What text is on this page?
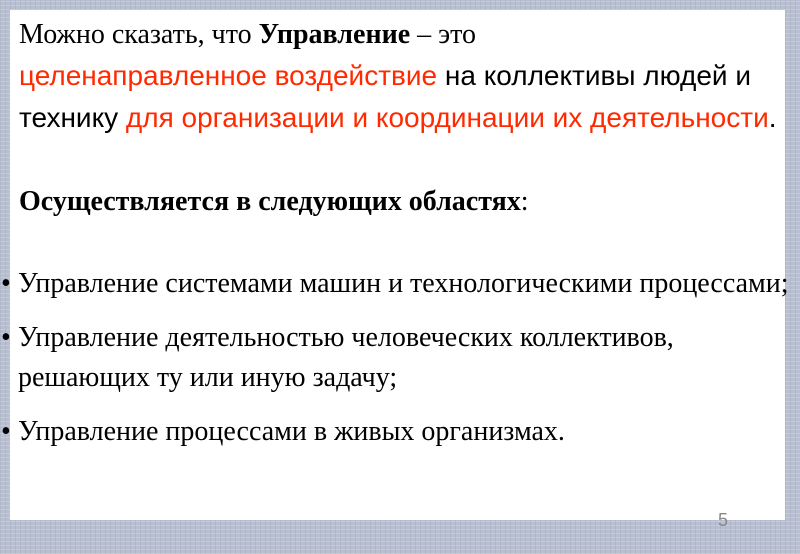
Можно сказать, что Управление – это
целенаправленное воздействие на коллективы людей и технику для организации и координации их деятельности.
Осуществляется в следующих областях:
• Управление системами машин и технологическими процессами;
• Управление деятельностью человеческих коллективов, решающих ту или иную задачу;
• Управление процессами в живых организмах.
5
